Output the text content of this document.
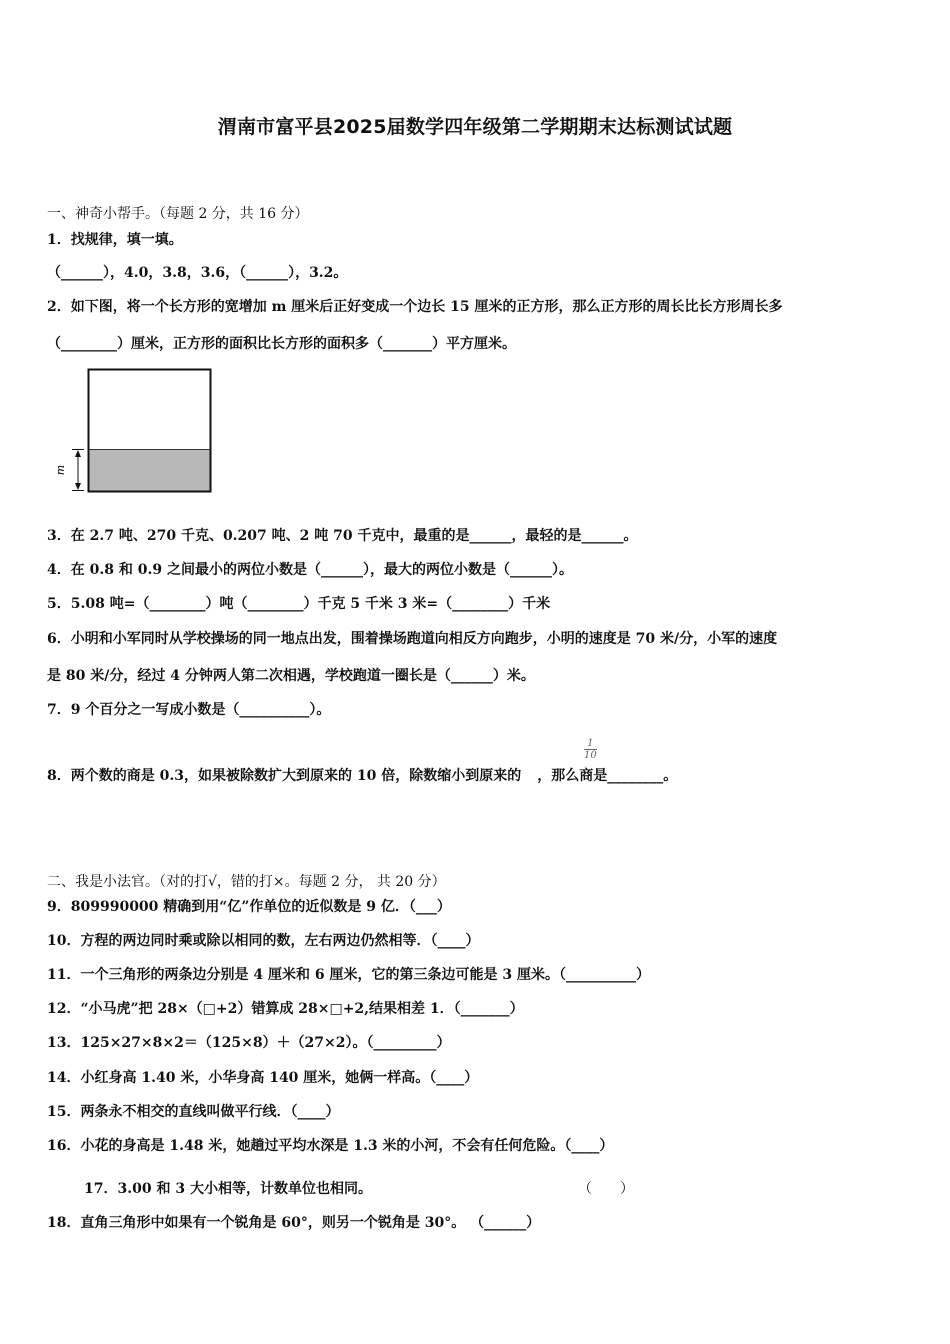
渭南市富平县2025届数学四年级第二学期期末达标测试试题
一、神奇小帮手。（每题 2 分，共 16 分）
1．找规律，填一填。
（______），4.0，3.8，3.6，（______），3.2。
2．如下图，将一个长方形的宽增加 m 厘米后正好变成一个边长 15 厘米的正方形，那么正方形的周长比长方形周长多
（________）厘米，正方形的面积比长方形的面积多（_______）平方厘米。
m
3．在 2.7 吨、270 千克、0.207 吨、2 吨 70 千克中，最重的是______，最轻的是______。
4．在 0.8 和 0.9 之间最小的两位小数是（______），最大的两位小数是（______）。
5．5.08 吨=（________）吨（________）千克 5 千米 3 米=（________）千米
6．小明和小军同时从学校操场的同一地点出发，围着操场跑道向相反方向跑步，小明的速度是 70 米/分，小军的速度
是 80 米/分，经过 4 分钟两人第二次相遇，学校跑道一圈长是（______）米。
7．9 个百分之一写成小数是（__________）。
8．两个数的商是 0.3，如果被除数扩大到原来的 10 倍，除数缩小到原来的 ，那么商是________。
$\frac{1}{10}$
二、我是小法官。（对的打√，错的打×。每题 2 分， 共 20 分）
9．809990000 精确到用“亿”作单位的近似数是 9 亿．（___）
10．方程的两边同时乘或除以相同的数，左右两边仍然相等．（____）
11．一个三角形的两条边分别是 4 厘米和 6 厘米，它的第三条边可能是 3 厘米。（__________）
12．“小马虎”把 28×（□+2）错算成 28×□+2,结果相差 1．（_______）
13．125×27×8×2＝（125×8）＋（27×2）。（_________）
14．小红身高 1.40 米，小华身高 140 厘米，她俩一样高。（____）
15．两条永不相交的直线叫做平行线．（____）
16．小花的身高是 1.48 米，她趟过平均水深是 1.3 米的小河，不会有任何危险。（____）
17．3.00 和 3 大小相等，计数单位也相同。	（　　）
18．直角三角形中如果有一个锐角是 60°，则另一个锐角是 30°。 （______）
